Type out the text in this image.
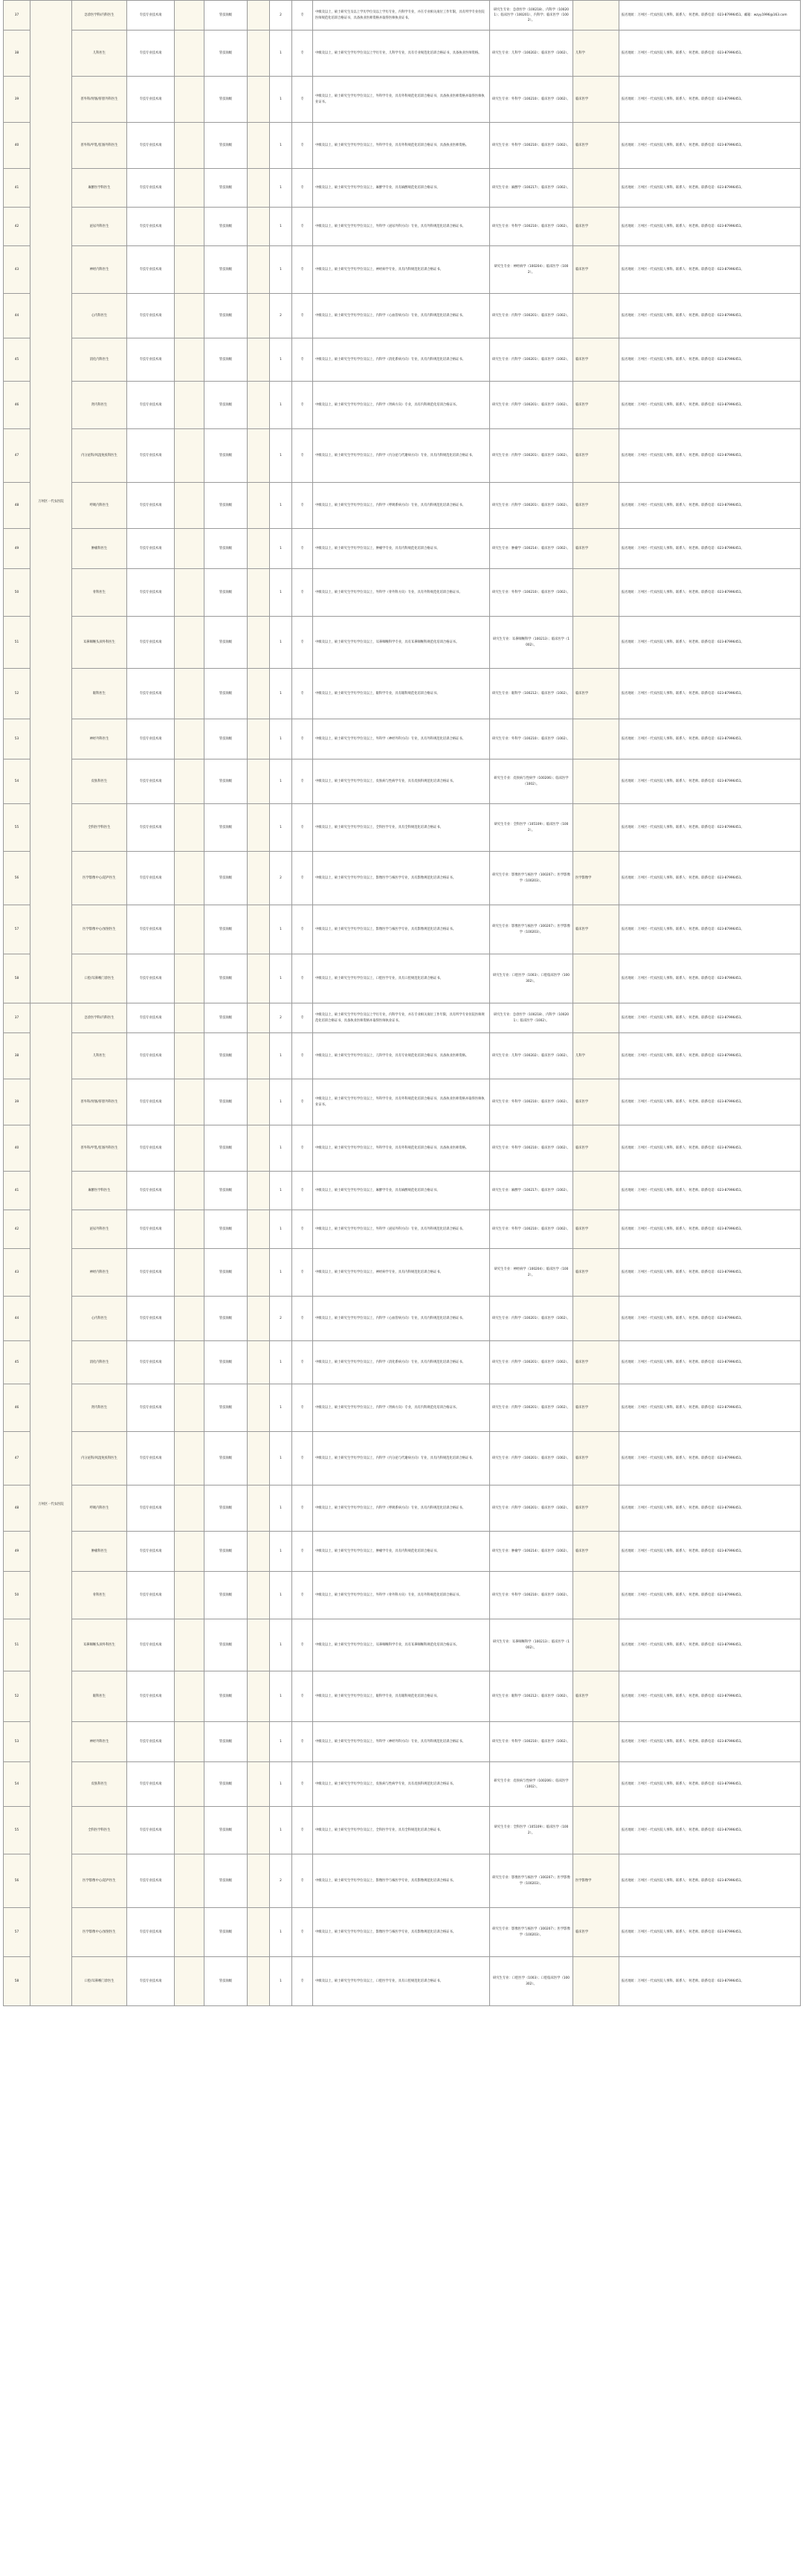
37	万州区一代农医院	急诊医学科/内科医生	专技专业技术岗		管技岗级		2	专	中级及以上，硕士研究生及以上学历学位及以上学历专业，内科学专业，并在专业相关岗位工作年限，具有所学专业住院医师规范化培训合格证书，具备执业医师资格并取得医师执业证书。	研究生专业：急诊医学（100218）、内科学（100201）；临床医学（100201）、内科学；临床医学（1002）。		报名地址：万州区一代农医院人事科。联系人：何老师。联系电话：023-87996451。邮箱：wzyy1996@163.com
38		儿科医生	专技专业技术岗		管技岗级		1	专	中级及以上，硕士研究生学历学位及以上学历专业，儿科学专业，具有专业规范化培训合格证书，具备执业医师资格。	研究生专业：儿科学（100202）；临床医学（1002）。	儿科学	报名地址：万州区一代农医院人事科。联系人：何老师。联系电话：023-87996451。
39		普外科/胃肠/肝胆外科医生	专技专业技术岗		管技岗级		1	专	中级及以上，硕士研究生学历学位及以上，外科学专业，具有外科规范化培训合格证书，具备执业医师资格并取得医师执业证书。	研究生专业：外科学（100210）；临床医学（1002）。	临床医学	报名地址：万州区一代农医院人事科。联系人：何老师。联系电话：023-87996451。
40		普外科/甲乳/肛肠外科医生	专技专业技术岗		管技岗级		1	专	中级及以上，硕士研究生学历学位及以上，外科学专业，具有外科规范化培训合格证书，具备执业医师资格。	研究生专业：外科学（100210）；临床医学（1002）。	临床医学	报名地址：万州区一代农医院人事科。联系人：何老师。联系电话：023-87996451。
41		麻醉医学科医生	专技专业技术岗		管技岗级		1	专	中级及以上，硕士研究生学历学位及以上，麻醉学专业，具有麻醉规范化培训合格证书。	研究生专业：麻醉学（100217）；临床医学（1002）。		报名地址：万州区一代农医院人事科。联系人：何老师。联系电话：023-87996451。
42		泌尿外科医生	专技专业技术岗		管技岗级		1	专	中级及以上，硕士研究生学历学位及以上，外科学（泌尿外科方向）专业，具有外科规范化培训合格证书。	研究生专业：外科学（100210）；临床医学（1002）。	临床医学	报名地址：万州区一代农医院人事科。联系人：何老师。联系电话：023-87996451。
43		神经内科医生	专技专业技术岗		管技岗级		1	专	中级及以上，硕士研究生学历学位及以上，神经病学专业，具有内科规范化培训合格证书。	研究生专业：神经病学（100204）；临床医学（1002）。	临床医学	报名地址：万州区一代农医院人事科。联系人：何老师。联系电话：023-87996451。
44		心内科医生	专技专业技术岗		管技岗级		2	专	中级及以上，硕士研究生学历学位及以上，内科学（心血管病方向）专业，具有内科规范化培训合格证书。	研究生专业：内科学（100201）；临床医学（1002）。		报名地址：万州区一代农医院人事科。联系人：何老师。联系电话：023-87996451。
45		消化内科医生	专技专业技术岗		管技岗级		1	专	中级及以上，硕士研究生学历学位及以上，内科学（消化系病方向）专业，具有内科规范化培训合格证书。	研究生专业：内科学（100201）；临床医学（1002）。	临床医学	报名地址：万州区一代农医院人事科。联系人：何老师。联系电话：023-87996451。
46		肾内科医生	专技专业技术岗		管技岗级		1	专	中级及以上，硕士研究生学历学位及以上，内科学（肾病方向）专业，具有内科规范化培训合格证书。	研究生专业：内科学（100201）；临床医学（1002）。	临床医学	报名地址：万州区一代农医院人事科。联系人：何老师。联系电话：023-87996451。
47		内分泌科/风湿免疫科医生	专技专业技术岗		管技岗级		1	专	中级及以上，硕士研究生学历学位及以上，内科学（内分泌与代谢病方向）专业，具有内科规范化培训合格证书。	研究生专业：内科学（100201）；临床医学（1002）。	临床医学	报名地址：万州区一代农医院人事科。联系人：何老师。联系电话：023-87996451。
48		呼吸内科医生	专技专业技术岗		管技岗级		1	专	中级及以上，硕士研究生学历学位及以上，内科学（呼吸系病方向）专业，具有内科规范化培训合格证书。	研究生专业：内科学（100201）；临床医学（1002）。	临床医学	报名地址：万州区一代农医院人事科。联系人：何老师。联系电话：023-87996451。
49		肿瘤科医生	专技专业技术岗		管技岗级		1	专	中级及以上，硕士研究生学历学位及以上，肿瘤学专业，具有内科规范化培训合格证书。	研究生专业：肿瘤学（100214）；临床医学（1002）。	临床医学	报名地址：万州区一代农医院人事科。联系人：何老师。联系电话：023-87996451。
50		骨科医生	专技专业技术岗		管技岗级		1	专	中级及以上，硕士研究生学历学位及以上，外科学（骨外科方向）专业，具有外科规范化培训合格证书。	研究生专业：外科学（100210）；临床医学（1002）。		报名地址：万州区一代农医院人事科。联系人：何老师。联系电话：023-87996451。
51		耳鼻咽喉头颈外科医生	专技专业技术岗		管技岗级		1	专	中级及以上，硕士研究生学历学位及以上，耳鼻咽喉科学专业，具有耳鼻咽喉科规范化培训合格证书。	研究生专业：耳鼻咽喉科学（100213）；临床医学（1002）。		报名地址：万州区一代农医院人事科。联系人：何老师。联系电话：023-87996451。
52		眼科医生	专技专业技术岗		管技岗级		1	专	中级及以上，硕士研究生学历学位及以上，眼科学专业，具有眼科规范化培训合格证书。	研究生专业：眼科学（100212）；临床医学（1002）。	临床医学	报名地址：万州区一代农医院人事科。联系人：何老师。联系电话：023-87996451。
53		神经外科医生	专技专业技术岗		管技岗级		1	专	中级及以上，硕士研究生学历学位及以上，外科学（神经外科方向）专业，具有外科规范化培训合格证书。	研究生专业：外科学（100210）；临床医学（1002）。		报名地址：万州区一代农医院人事科。联系人：何老师。联系电话：023-87996451。
54		皮肤科医生	专技专业技术岗		管技岗级		1	专	中级及以上，硕士研究生学历学位及以上，皮肤病与性病学专业，具有皮肤科规范化培训合格证书。	研究生专业：皮肤病与性病学（100206）；临床医学（1002）。		报名地址：万州区一代农医院人事科。联系人：何老师。联系电话：023-87996451。
55		全科医学科医生	专技专业技术岗		管技岗级		1	专	中级及以上，硕士研究生学历学位及以上，全科医学专业，具有全科规范化培训合格证书。	研究生专业：全科医学（105109）；临床医学（1002）。		报名地址：万州区一代农医院人事科。联系人：何老师。联系电话：023-87996451。
56		医学影像中心/超声医生	专技专业技术岗		管技岗级		2	专	中级及以上，硕士研究生学历学位及以上，影像医学与核医学专业，具有影像规范化培训合格证书。	研究生专业：影像医学与核医学（100207）；医学影像学（100203）。	医学影像学	报名地址：万州区一代农医院人事科。联系人：何老师。联系电话：023-87996451。
57		医学影像中心/放射医生	专技专业技术岗		管技岗级		1	专	中级及以上，硕士研究生学历学位及以上，影像医学与核医学专业，具有影像规范化培训合格证书。	研究生专业：影像医学与核医学（100207）；医学影像学（100203）。	临床医学	报名地址：万州区一代农医院人事科。联系人：何老师。联系电话：023-87996451。
58		口腔/耳鼻喉门诊医生	专技专业技术岗		管技岗级		1	专	中级及以上，硕士研究生学历学位及以上，口腔医学专业，具有口腔规范化培训合格证书。	研究生专业：口腔医学（1003）；口腔临床医学（100302）。		报名地址：万州区一代农医院人事科。联系人：何老师。联系电话：023-87996451。
37	万州区一代农医院	急诊医学科/内科医生	专技专业技术岗		管技岗级		2	专	中级及以上，硕士研究生学历学位及以上学历专业，内科学专业，并在专业相关岗位工作年限，具有所学专业住院医师规范化培训合格证书，具备执业医师资格并取得医师执业证书。	研究生专业：急诊医学（100218）、内科学（100201）；临床医学（1002）。		报名地址：万州区一代农医院人事科。联系人：何老师。联系电话：023-87996451。
38		儿科医生	专技专业技术岗		管技岗级		1	专	中级及以上，硕士研究生学历学位及以上，儿科学专业，具有专业规范化培训合格证书，具备执业医师资格。	研究生专业：儿科学（100202）；临床医学（1002）。	儿科学	报名地址：万州区一代农医院人事科。联系人：何老师。联系电话：023-87996451。
39		普外科/胃肠/肝胆外科医生	专技专业技术岗		管技岗级		1	专	中级及以上，硕士研究生学历学位及以上，外科学专业，具有外科规范化培训合格证书，具备执业医师资格并取得医师执业证书。	研究生专业：外科学（100210）；临床医学（1002）。	临床医学	报名地址：万州区一代农医院人事科。联系人：何老师。联系电话：023-87996451。
40		普外科/甲乳/肛肠外科医生	专技专业技术岗		管技岗级		1	专	中级及以上，硕士研究生学历学位及以上，外科学专业，具有外科规范化培训合格证书，具备执业医师资格。	研究生专业：外科学（100210）；临床医学（1002）。	临床医学	报名地址：万州区一代农医院人事科。联系人：何老师。联系电话：023-87996451。
41		麻醉医学科医生	专技专业技术岗		管技岗级		1	专	中级及以上，硕士研究生学历学位及以上，麻醉学专业，具有麻醉规范化培训合格证书。	研究生专业：麻醉学（100217）；临床医学（1002）。		报名地址：万州区一代农医院人事科。联系人：何老师。联系电话：023-87996451。
42		泌尿外科医生	专技专业技术岗		管技岗级		1	专	中级及以上，硕士研究生学历学位及以上，外科学（泌尿外科方向）专业，具有外科规范化培训合格证书。	研究生专业：外科学（100210）；临床医学（1002）。	临床医学	报名地址：万州区一代农医院人事科。联系人：何老师。联系电话：023-87996451。
43		神经内科医生	专技专业技术岗		管技岗级		1	专	中级及以上，硕士研究生学历学位及以上，神经病学专业，具有内科规范化培训合格证书。	研究生专业：神经病学（100204）；临床医学（1002）。	临床医学	报名地址：万州区一代农医院人事科。联系人：何老师。联系电话：023-87996451。
44		心内科医生	专技专业技术岗		管技岗级		2	专	中级及以上，硕士研究生学历学位及以上，内科学（心血管病方向）专业，具有内科规范化培训合格证书。	研究生专业：内科学（100201）；临床医学（1002）。		报名地址：万州区一代农医院人事科。联系人：何老师。联系电话：023-87996451。
45		消化内科医生	专技专业技术岗		管技岗级		1	专	中级及以上，硕士研究生学历学位及以上，内科学（消化系病方向）专业，具有内科规范化培训合格证书。	研究生专业：内科学（100201）；临床医学（1002）。	临床医学	报名地址：万州区一代农医院人事科。联系人：何老师。联系电话：023-87996451。
46		肾内科医生	专技专业技术岗		管技岗级		1	专	中级及以上，硕士研究生学历学位及以上，内科学（肾病方向）专业，具有内科规范化培训合格证书。	研究生专业：内科学（100201）；临床医学（1002）。	临床医学	报名地址：万州区一代农医院人事科。联系人：何老师。联系电话：023-87996451。
47		内分泌科/风湿免疫科医生	专技专业技术岗		管技岗级		1	专	中级及以上，硕士研究生学历学位及以上，内科学（内分泌与代谢病方向）专业，具有内科规范化培训合格证书。	研究生专业：内科学（100201）；临床医学（1002）。	临床医学	报名地址：万州区一代农医院人事科。联系人：何老师。联系电话：023-87996451。
48		呼吸内科医生	专技专业技术岗		管技岗级		1	专	中级及以上，硕士研究生学历学位及以上，内科学（呼吸系病方向）专业，具有内科规范化培训合格证书。	研究生专业：内科学（100201）；临床医学（1002）。	临床医学	报名地址：万州区一代农医院人事科。联系人：何老师。联系电话：023-87996451。
49		肿瘤科医生	专技专业技术岗		管技岗级		1	专	中级及以上，硕士研究生学历学位及以上，肿瘤学专业，具有内科规范化培训合格证书。	研究生专业：肿瘤学（100214）；临床医学（1002）。	临床医学	报名地址：万州区一代农医院人事科。联系人：何老师。联系电话：023-87996451。
50		骨科医生	专技专业技术岗		管技岗级		1	专	中级及以上，硕士研究生学历学位及以上，外科学（骨外科方向）专业，具有外科规范化培训合格证书。	研究生专业：外科学（100210）；临床医学（1002）。		报名地址：万州区一代农医院人事科。联系人：何老师。联系电话：023-87996451。
51		耳鼻咽喉头颈外科医生	专技专业技术岗		管技岗级		1	专	中级及以上，硕士研究生学历学位及以上，耳鼻咽喉科学专业，具有耳鼻咽喉科规范化培训合格证书。	研究生专业：耳鼻咽喉科学（100213）；临床医学（1002）。		报名地址：万州区一代农医院人事科。联系人：何老师。联系电话：023-87996451。
52		眼科医生	专技专业技术岗		管技岗级		1	专	中级及以上，硕士研究生学历学位及以上，眼科学专业，具有眼科规范化培训合格证书。	研究生专业：眼科学（100212）；临床医学（1002）。	临床医学	报名地址：万州区一代农医院人事科。联系人：何老师。联系电话：023-87996451。
53		神经外科医生	专技专业技术岗		管技岗级		1	专	中级及以上，硕士研究生学历学位及以上，外科学（神经外科方向）专业，具有外科规范化培训合格证书。	研究生专业：外科学（100210）；临床医学（1002）。		报名地址：万州区一代农医院人事科。联系人：何老师。联系电话：023-87996451。
54		皮肤科医生	专技专业技术岗		管技岗级		1	专	中级及以上，硕士研究生学历学位及以上，皮肤病与性病学专业，具有皮肤科规范化培训合格证书。	研究生专业：皮肤病与性病学（100206）；临床医学（1002）。		报名地址：万州区一代农医院人事科。联系人：何老师。联系电话：023-87996451。
55		全科医学科医生	专技专业技术岗		管技岗级		1	专	中级及以上，硕士研究生学历学位及以上，全科医学专业，具有全科规范化培训合格证书。	研究生专业：全科医学（105109）；临床医学（1002）。		报名地址：万州区一代农医院人事科。联系人：何老师。联系电话：023-87996451。
56		医学影像中心/超声医生	专技专业技术岗		管技岗级		2	专	中级及以上，硕士研究生学历学位及以上，影像医学与核医学专业，具有影像规范化培训合格证书。	研究生专业：影像医学与核医学（100207）；医学影像学（100203）。	医学影像学	报名地址：万州区一代农医院人事科。联系人：何老师。联系电话：023-87996451。
57		医学影像中心/放射医生	专技专业技术岗		管技岗级		1	专	中级及以上，硕士研究生学历学位及以上，影像医学与核医学专业，具有影像规范化培训合格证书。	研究生专业：影像医学与核医学（100207）；医学影像学（100203）。	临床医学	报名地址：万州区一代农医院人事科。联系人：何老师。联系电话：023-87996451。
58		口腔/耳鼻喉门诊医生	专技专业技术岗		管技岗级		1	专	中级及以上，硕士研究生学历学位及以上，口腔医学专业，具有口腔规范化培训合格证书。	研究生专业：口腔医学（1003）；口腔临床医学（100302）。		报名地址：万州区一代农医院人事科。联系人：何老师。联系电话：023-87996451。
